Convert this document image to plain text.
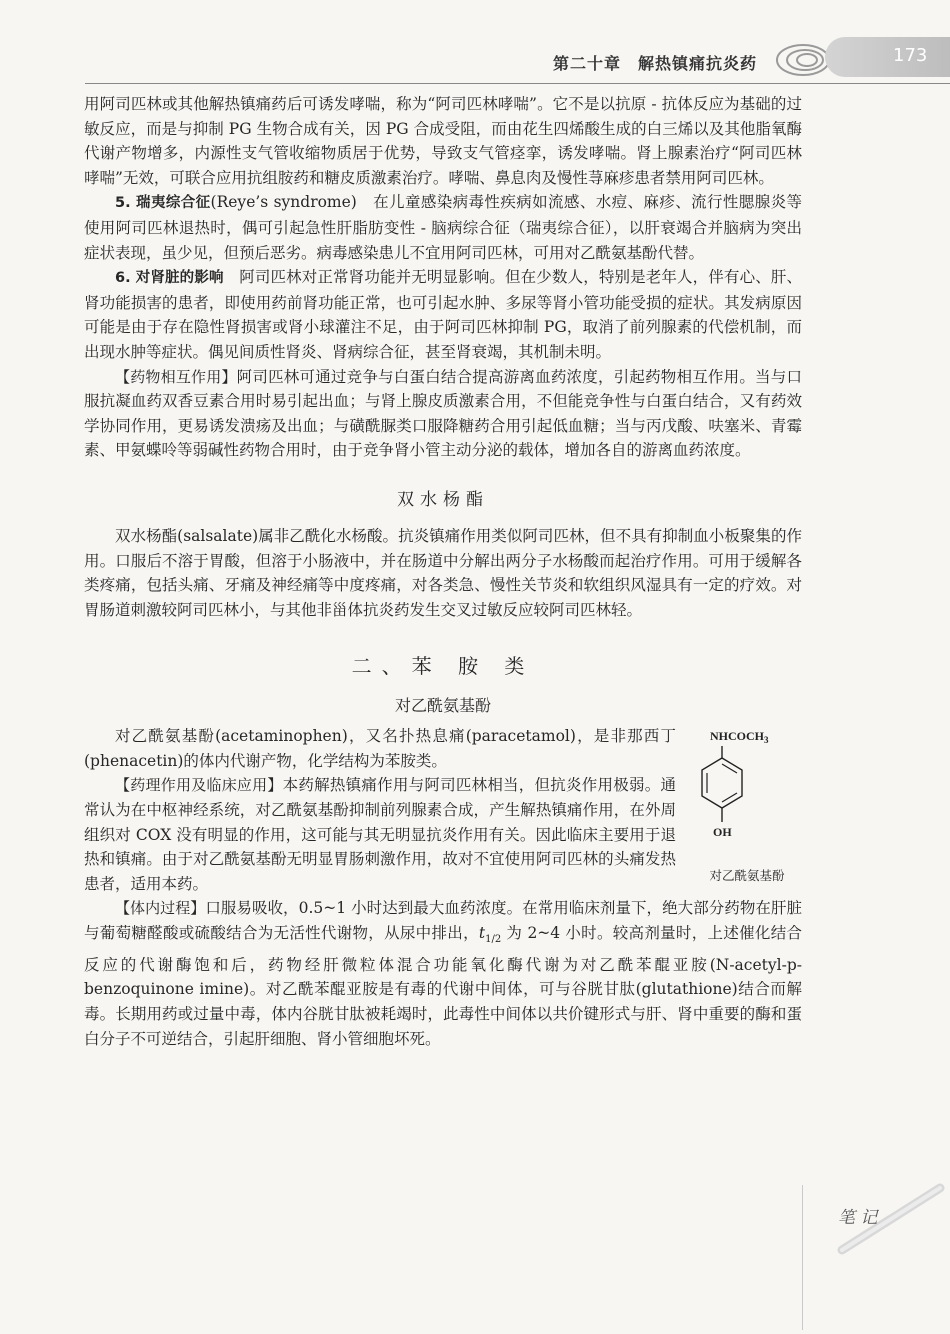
第二十章　解热镇痛抗炎药	173

用阿司匹林或其他解热镇痛药后可诱发哮喘，称为“阿司匹林哮喘”。它不是以抗原 - 抗体反应为基础的过敏反应，而是与抑制 PG 生物合成有关，因 PG 合成受阻，而由花生四烯酸生成的白三烯以及其他脂氧酶代谢产物增多，内源性支气管收缩物质居于优势，导致支气管痉挛，诱发哮喘。肾上腺素治疗“阿司匹林哮喘”无效，可联合应用抗组胺药和糖皮质激素治疗。哮喘、鼻息肉及慢性荨麻疹患者禁用阿司匹林。

5. 瑞夷综合征(Reye’s syndrome)　在儿童感染病毒性疾病如流感、水痘、麻疹、流行性腮腺炎等使用阿司匹林退热时，偶可引起急性肝脂肪变性 - 脑病综合征（瑞夷综合征），以肝衰竭合并脑病为突出症状表现，虽少见，但预后恶劣。病毒感染患儿不宜用阿司匹林，可用对乙酰氨基酚代替。

6. 对肾脏的影响　阿司匹林对正常肾功能并无明显影响。但在少数人，特别是老年人，伴有心、肝、肾功能损害的患者，即使用药前肾功能正常，也可引起水肿、多尿等肾小管功能受损的症状。其发病原因可能是由于存在隐性肾损害或肾小球灌注不足，由于阿司匹林抑制 PG，取消了前列腺素的代偿机制，而出现水肿等症状。偶见间质性肾炎、肾病综合征，甚至肾衰竭，其机制未明。

【药物相互作用】阿司匹林可通过竞争与白蛋白结合提高游离血药浓度，引起药物相互作用。当与口服抗凝血药双香豆素合用时易引起出血；与肾上腺皮质激素合用，不但能竞争性与白蛋白结合，又有药效学协同作用，更易诱发溃疡及出血；与磺酰脲类口服降糖药合用引起低血糖；当与丙戊酸、呋塞米、青霉素、甲氨蝶呤等弱碱性药物合用时，由于竞争肾小管主动分泌的载体，增加各自的游离血药浓度。

双水杨酯

双水杨酯(salsalate)属非乙酰化水杨酸。抗炎镇痛作用类似阿司匹林，但不具有抑制血小板聚集的作用。口服后不溶于胃酸，但溶于小肠液中，并在肠道中分解出两分子水杨酸而起治疗作用。可用于缓解各类疼痛，包括头痛、牙痛及神经痛等中度疼痛，对各类急、慢性关节炎和软组织风湿具有一定的疗效。对胃肠道刺激较阿司匹林小，与其他非甾体抗炎药发生交叉过敏反应较阿司匹林轻。

二、苯 胺 类
对乙酰氨基酚
$NHCOCH_3$
OH
对乙酰氨基酚

对乙酰氨基酚(acetaminophen)，又名扑热息痛(paracetamol)，是非那西丁(phenacetin)的体内代谢产物，化学结构为苯胺类。

【药理作用及临床应用】本药解热镇痛作用与阿司匹林相当，但抗炎作用极弱。通常认为在中枢神经系统，对乙酰氨基酚抑制前列腺素合成，产生解热镇痛作用，在外周组织对 COX 没有明显的作用，这可能与其无明显抗炎作用有关。因此临床主要用于退热和镇痛。由于对乙酰氨基酚无明显胃肠刺激作用，故对不宜使用阿司匹林的头痛发热患者，适用本药。

【体内过程】口服易吸收，0.5~1 小时达到最大血药浓度。在常用临床剂量下，绝大部分药物在肝脏与葡萄糖醛酸或硫酸结合为无活性代谢物，从尿中排出，$t_{1/2}$ 为 2~4 小时。较高剂量时，上述催化结合反应的代谢酶饱和后，药物经肝微粒体混合功能氧化酶代谢为对乙酰苯醌亚胺(N-acetyl-p-benzoquinone imine)。对乙酰苯醌亚胺是有毒的代谢中间体，可与谷胱甘肽(glutathione)结合而解毒。长期用药或过量中毒，体内谷胱甘肽被耗竭时，此毒性中间体以共价键形式与肝、肾中重要的酶和蛋白分子不可逆结合，引起肝细胞、肾小管细胞坏死。

笔 记
